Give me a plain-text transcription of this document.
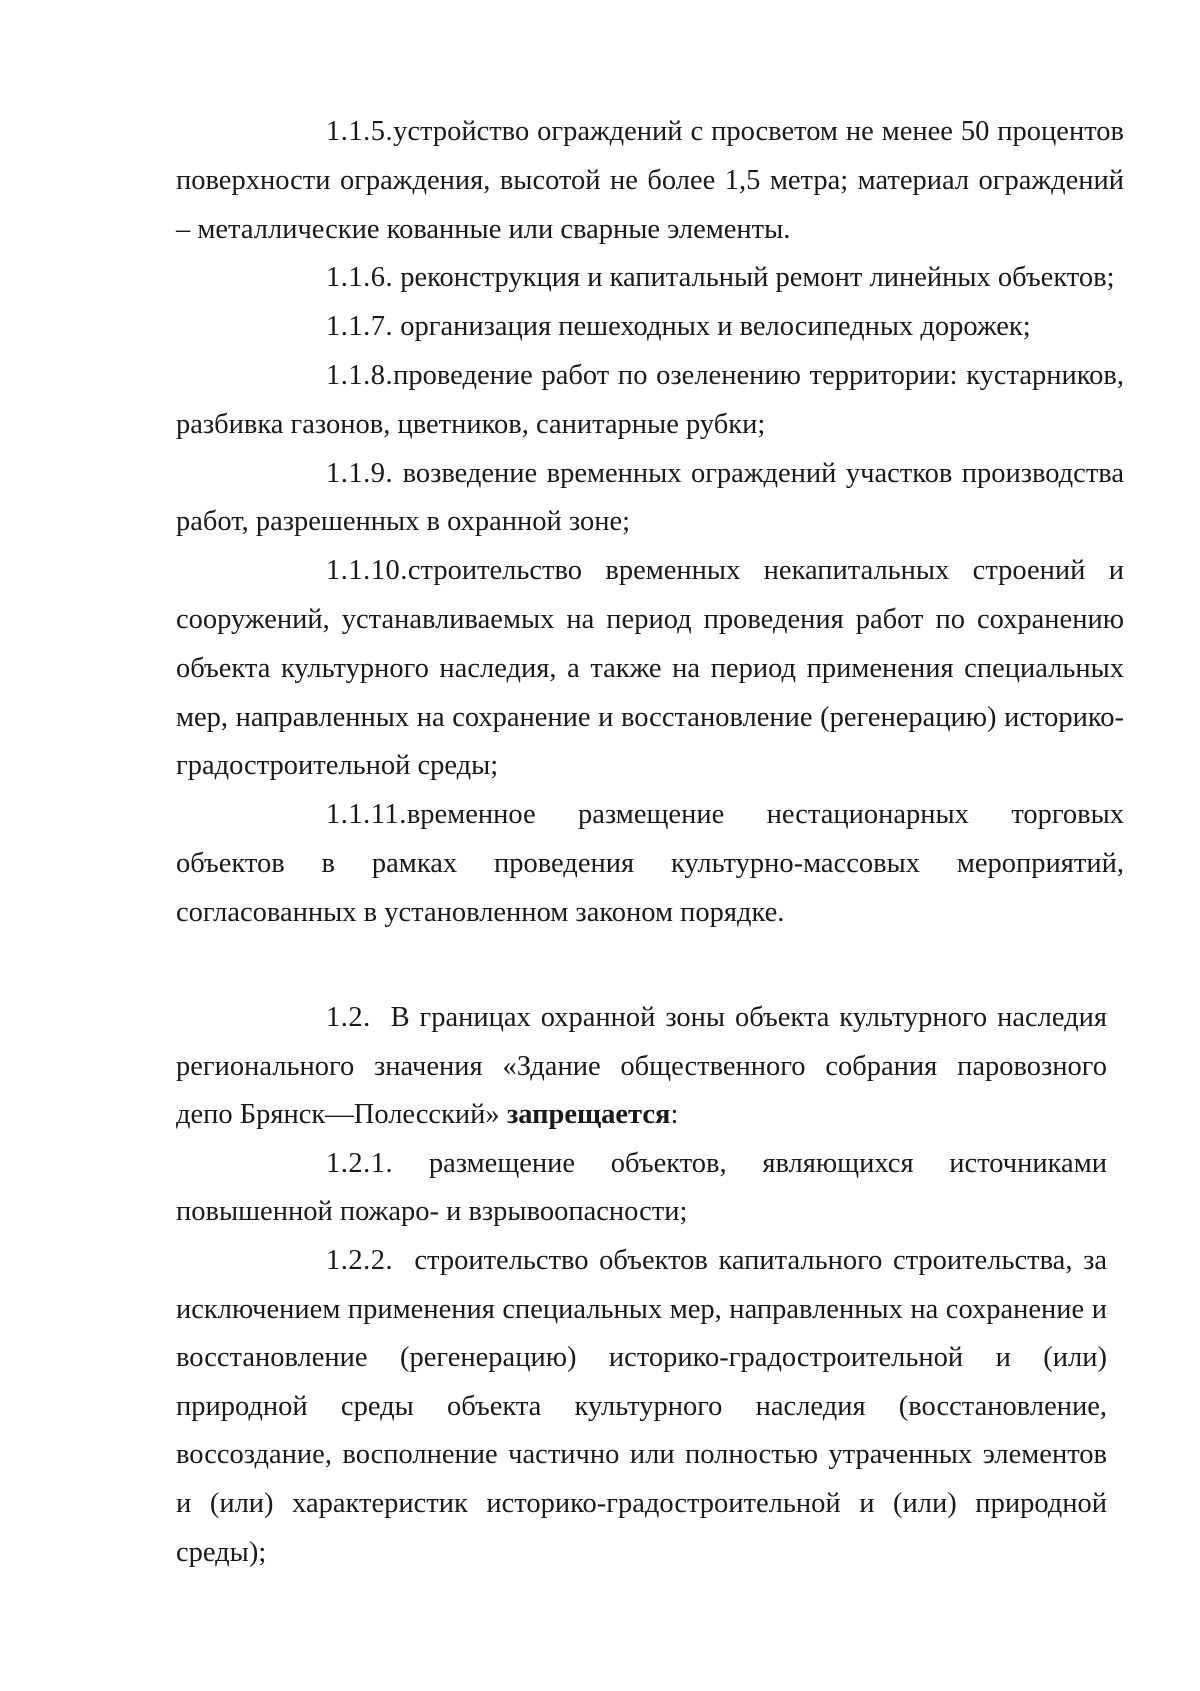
1.1.5.устройство ограждений с просветом не менее 50 процентов поверхности ограждения, высотой не более 1,5 метра; материал ограждений – металлические кованные или сварные элементы.

1.1.6. реконструкция и капитальный ремонт линейных объектов;

1.1.7. организация пешеходных и велосипедных дорожек;

1.1.8.проведение работ по озеленению территории: кустарников, разбивка газонов, цветников, санитарные рубки;

1.1.9. возведение временных ограждений участков производства работ, разрешенных в охранной зоне;

1.1.10.строительство временных некапитальных строений и сооружений, устанавливаемых на период проведения работ по сохранению объекта культурного наследия, а также на период применения специальных мер, направленных на сохранение и восстановление (регенерацию) историко-градостроительной среды;

1.1.11.временное размещение нестационарных торговых объектов в рамках проведения культурно-массовых мероприятий, согласованных в установленном законом порядке.

1.2. В границах охранной зоны объекта культурного наследия регионального значения «Здание общественного собрания паровозного депо Брянск—Полесский» запрещается:

1.2.1. размещение объектов, являющихся источниками повышенной пожаро- и взрывоопасности;

1.2.2. строительство объектов капитального строительства, за исключением применения специальных мер, направленных на сохранение и восстановление (регенерацию) историко-градостроительной и (или) природной среды объекта культурного наследия (восстановление, воссоздание, восполнение частично или полностью утраченных элементов и (или) характеристик историко-градостроительной и (или) природной среды);
